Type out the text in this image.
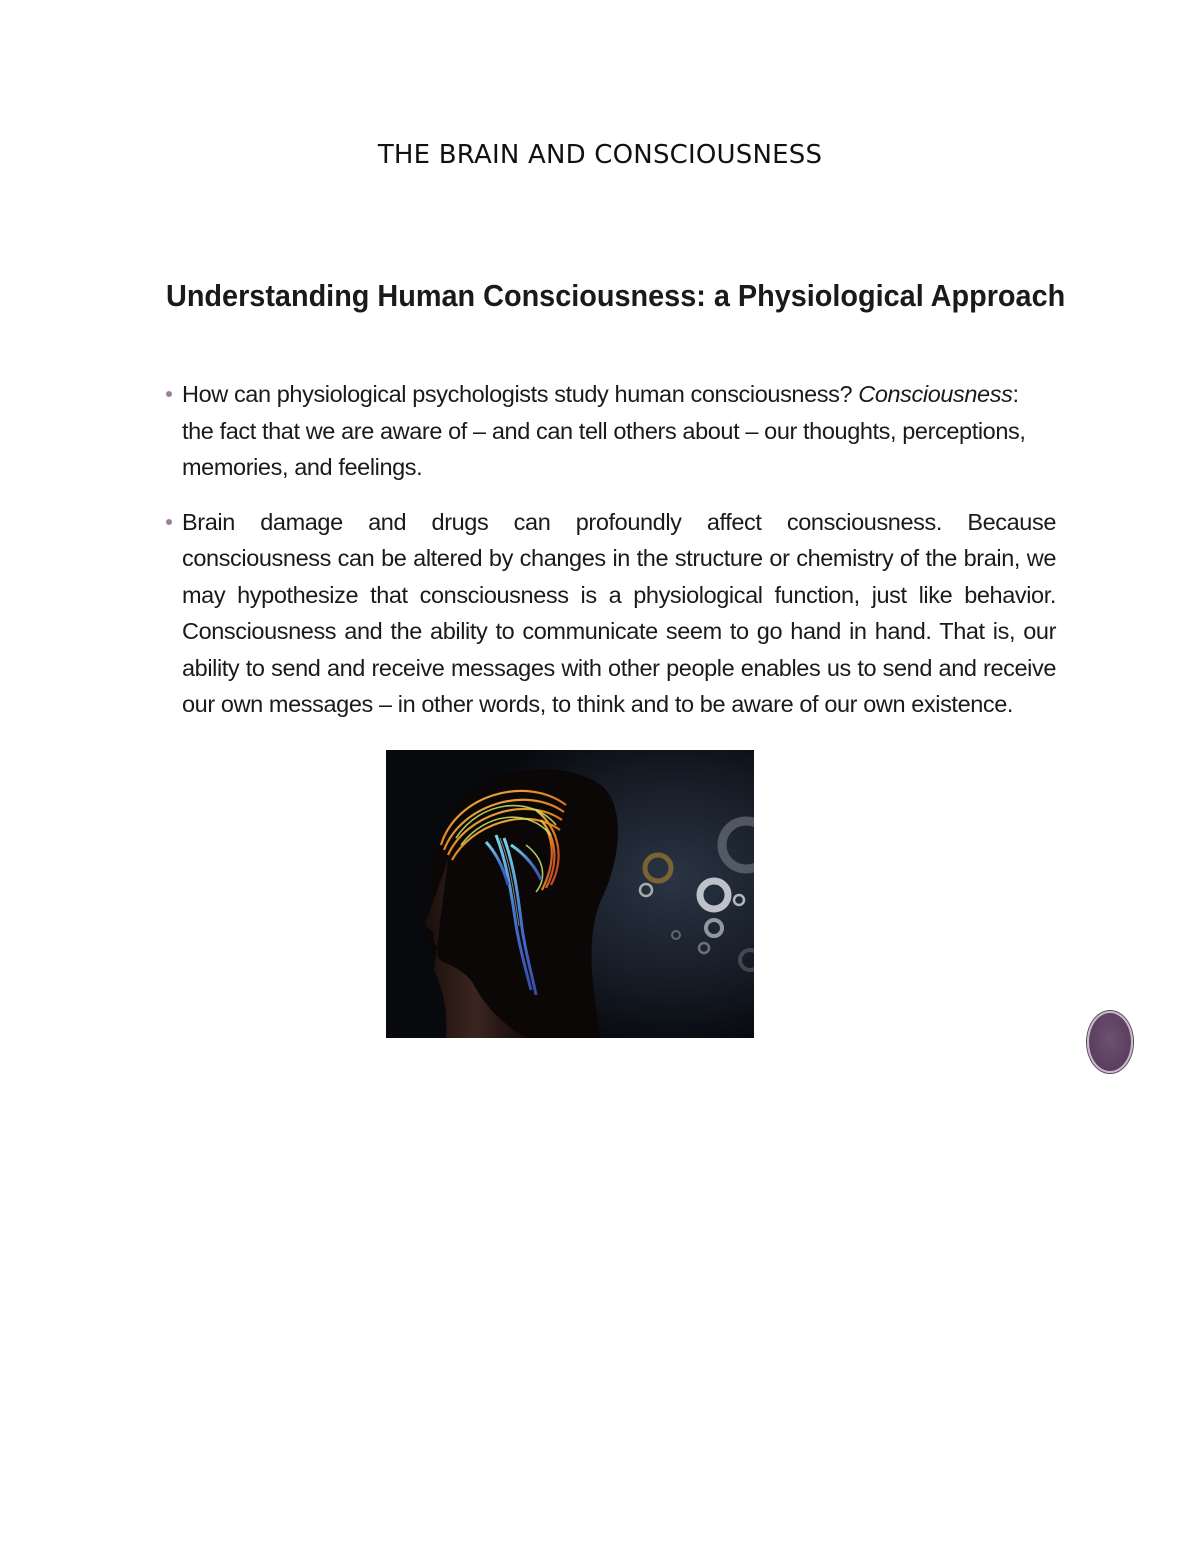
THE BRAIN AND CONSCIOUSNESS
Understanding Human Consciousness: a Physiological Approach
How can physiological psychologists study human consciousness? Consciousness: the fact that we are aware of – and can tell others about – our thoughts, perceptions, memories, and feelings.
Brain damage and drugs can profoundly affect consciousness. Because consciousness can be altered by changes in the structure or chemistry of the brain, we may hypothesize that consciousness is a physiological function, just like behavior. Consciousness and the ability to communicate seem to go hand in hand. That is, our ability to send and receive messages with other people enables us to send and receive our own messages – in other words, to think and to be aware of our own existence.
